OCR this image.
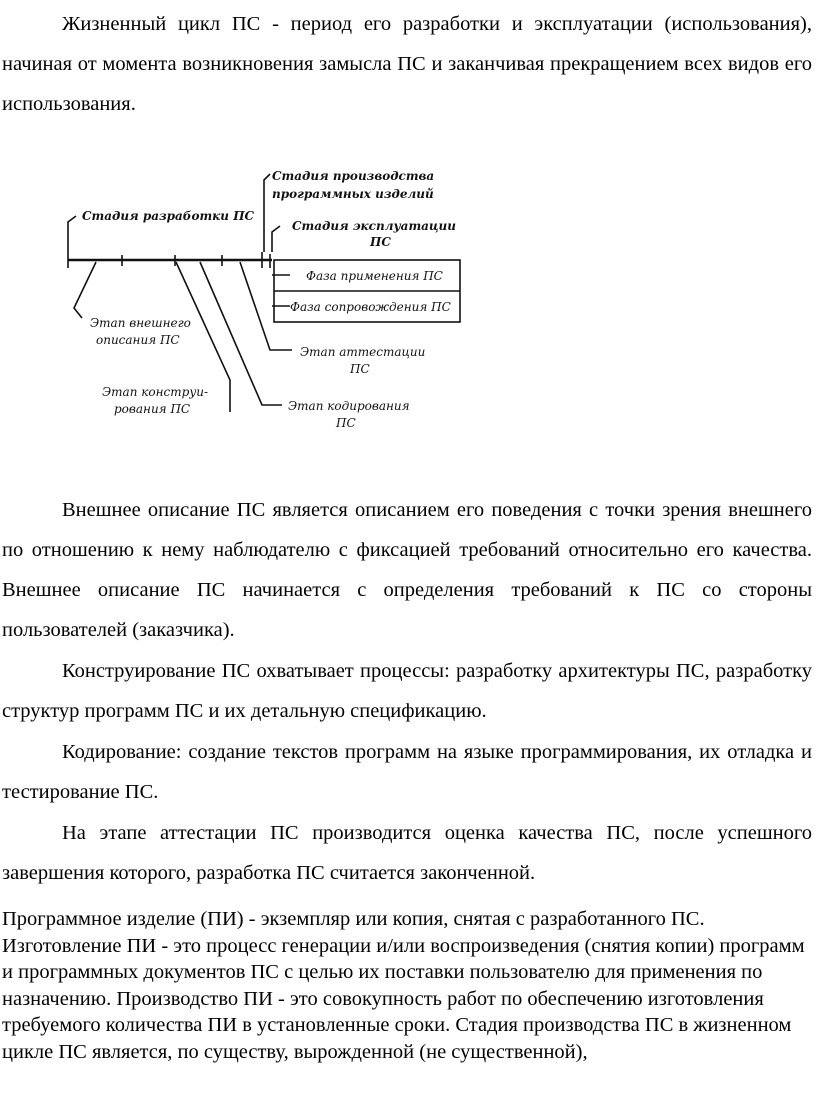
Жизненный цикл ПС - период его разработки и эксплуатации (использования), начиная от момента возникновения замысла ПС и заканчивая прекращением всех видов его использования.

Стадия разработки ПС
Стадия производства
программных изделий
Стадия эксплуатации
ПС
Фаза применения ПС
Фаза сопровождения ПС
Этап внешнего
описания ПС
Этап конструи-
рования ПС
Этап аттестации
ПС
Этап кодирования
ПС

Внешнее описание ПС является описанием его поведения с точки зрения внешнего по отношению к нему наблюдателю с фиксацией требований относительно его качества. Внешнее описание ПС начинается с определения требований к ПС со стороны пользователей (заказчика).

Конструирование ПС охватывает процессы: разработку архитектуры ПС, разработку структур программ ПС и их детальную спецификацию.

Кодирование: создание текстов программ на языке программирования, их отладка и тестирование ПС.

На этапе аттестации ПС производится оценка качества ПС, после успешного завершения которого, разработка ПС считается законченной.

Программное изделие (ПИ) - экземпляр или копия, снятая с разработанного ПС. Изготовление ПИ - это процесс генерации и/или воспроизведения (снятия копии) программ и программных документов ПС с целью их поставки пользователю для применения по назначению. Производство ПИ - это совокупность работ по обеспечению изготовления требуемого количества ПИ в установленные сроки. Стадия производства ПС в жизненном цикле ПС является, по существу, вырожденной (не существенной),
